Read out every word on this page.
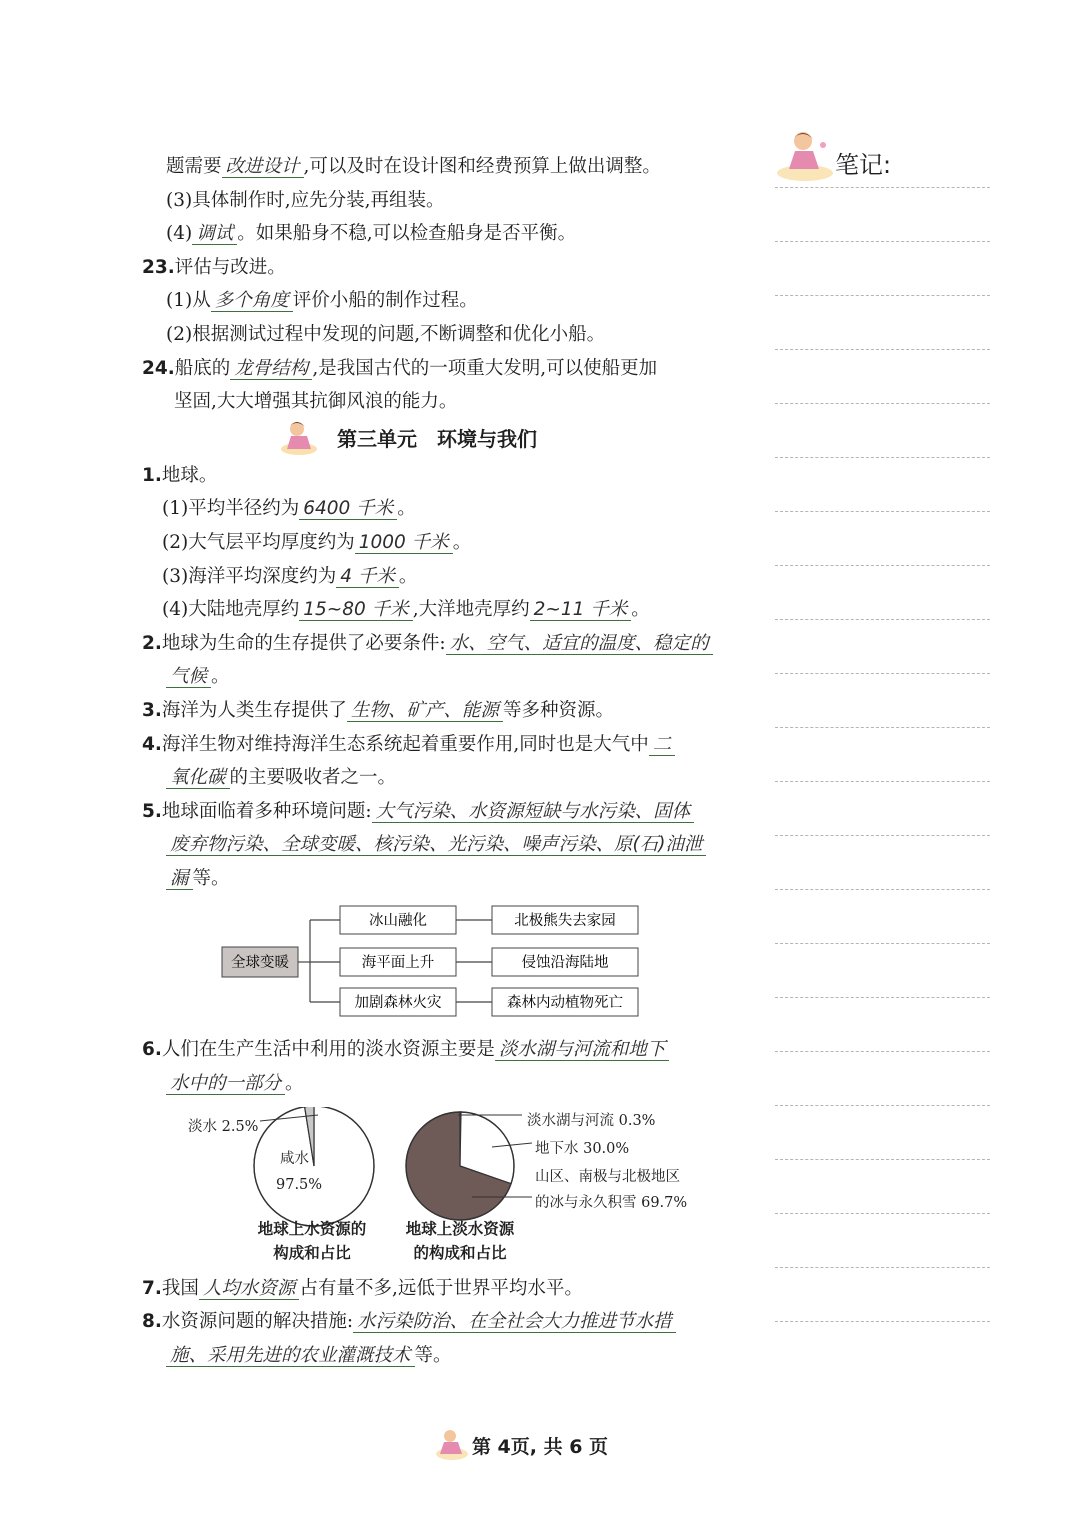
题需要 改进设计 ,可以及时在设计图和经费预算上做出调整。
(3)具体制作时,应先分装,再组装。
(4) 调试 。如果船身不稳,可以检查船身是否平衡。
23.评估与改进。
(1)从 多个角度 评价小船的制作过程。
(2)根据测试过程中发现的问题,不断调整和优化小船。
24.船底的 龙骨结构 ,是我国古代的一项重大发明,可以使船更加
坚固,大大增强其抗御风浪的能力。
第三单元　环境与我们
1.地球。
(1)平均半径约为 6400 千米 。
(2)大气层平均厚度约为 1000 千米 。
(3)海洋平均深度约为 4 千米 。
(4)大陆地壳厚约 15~80 千米 ,大洋地壳厚约 2~11 千米 。
2.地球为生命的生存提供了必要条件: 水、空气、适宜的温度、稳定的
气候 。
3.海洋为人类生存提供了 生物、矿产、能源 等多种资源。
4.海洋生物对维持海洋生态系统起着重要作用,同时也是大气中 二
氧化碳 的主要吸收者之一。
5.地球面临着多种环境问题: 大气污染、水资源短缺与水污染、固体
废弃物污染、全球变暖、核污染、光污染、噪声污染、原(石)油泄
漏 等。
全球变暖
冰山融化
海平面上升
加剧森林火灾
北极熊失去家园
侵蚀沿海陆地
森林内动植物死亡
6.人们在生产生活中利用的淡水资源主要是 淡水湖与河流和地下
水中的一部分 。
淡水 2.5%
咸水
97.5%
地球上水资源的
构成和占比
淡水湖与河流 0.3%
地下水 30.0%
山区、南极与北极地区
的冰与永久积雪 69.7%
地球上淡水资源
的构成和占比
7.我国 人均水资源 占有量不多,远低于世界平均水平。
8.水资源问题的解决措施: 水污染防治、在全社会大力推进节水措
施、采用先进的农业灌溉技术 等。
笔记:
第 4页, 共 6 页
